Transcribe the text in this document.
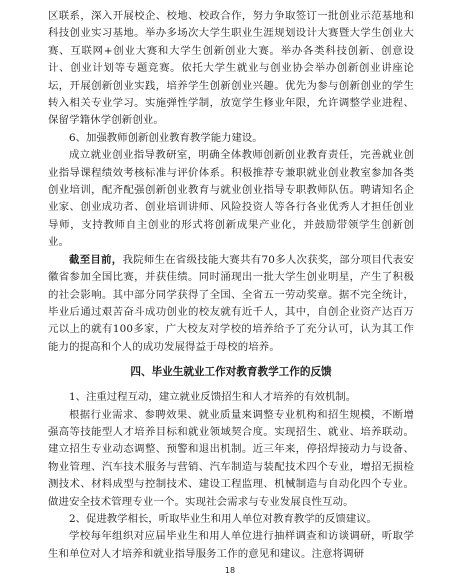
区联系，深入开展校企、校地、校政合作，努力争取签订一批创业示范基地和科技创业实习基地。举办多场次大学生职业生涯规划设计大赛暨大学生创业大赛、互联网+创业大赛和大学生创新创业大赛。举办各类科技创新、创意设计、创业计划等专题竞赛。依托大学生就业与创业协会举办创新创业讲座论坛，开展创新创业实践，培养学生创新创业兴趣。优先为参与创新创业的学生转入相关专业学习。实施弹性学制，放宽学生修业年限，允许调整学业进程、保留学籍休学创新创业。

6、加强教师创新创业教育教学能力建设。

成立就业创业指导教研室，明确全体教师创新创业教育责任，完善就业创业指导课程绩效考核标准与评价体系。积极推荐专兼职就业创业教室参加各类创业培训，配齐配强创新创业教育与就业创业指导专职教师队伍。聘请知名企业家、创业成功者、创业培训讲师、风险投资人等各行各业优秀人才担任创业导师，支持教师自主创业的形式将创新成果产业化，并鼓励带领学生创新创业。

截至目前，我院师生在省级技能大赛共有70多人次获奖，部分项目代表安徽省参加全国比赛，并获佳绩。同时涌现出一批大学生创业明星，产生了积极的社会影响。其中部分同学获得了全国、全省五一劳动奖章。据不完全统计，毕业后通过艰苦奋斗成功创业的校友就有近千人，其中，自创企业资产达百万元以上的就有100多家，广大校友对学校的培养给予了充分认可，认为其工作能力的提高和个人的成功发展得益于母校的培养。

四、毕业生就业工作对教育教学工作的反馈

1、注重过程互动，建立就业反馈招生和人才培养的有效机制。

根据行业需求、参聘效果、就业质量来调整专业机构和招生规模，不断增强高等技能型人才培养目标和就业领域契合度。实现招生、就业、培养联动。建立招生专业动态调整、预警和退出机制。近三年来，停招焊接动力与设备、物业管理、汽车技术服务与营销、汽车制造与装配技术四个专业，增招无损检测技术、材料成型与控制技术、建设工程监理、机械制造与自动化四个专业。做进安全技术管理专业一个。实现社会需求与专业发展良性互动。

2、促进教学相长，听取毕业生和用人单位对教育教学的反馈建议。

学校每年组织对应届毕业生和用人单位进行抽样调查和访谈调研，听取学生和单位对人才培养和就业指导服务工作的意见和建议。注意将调研

18
